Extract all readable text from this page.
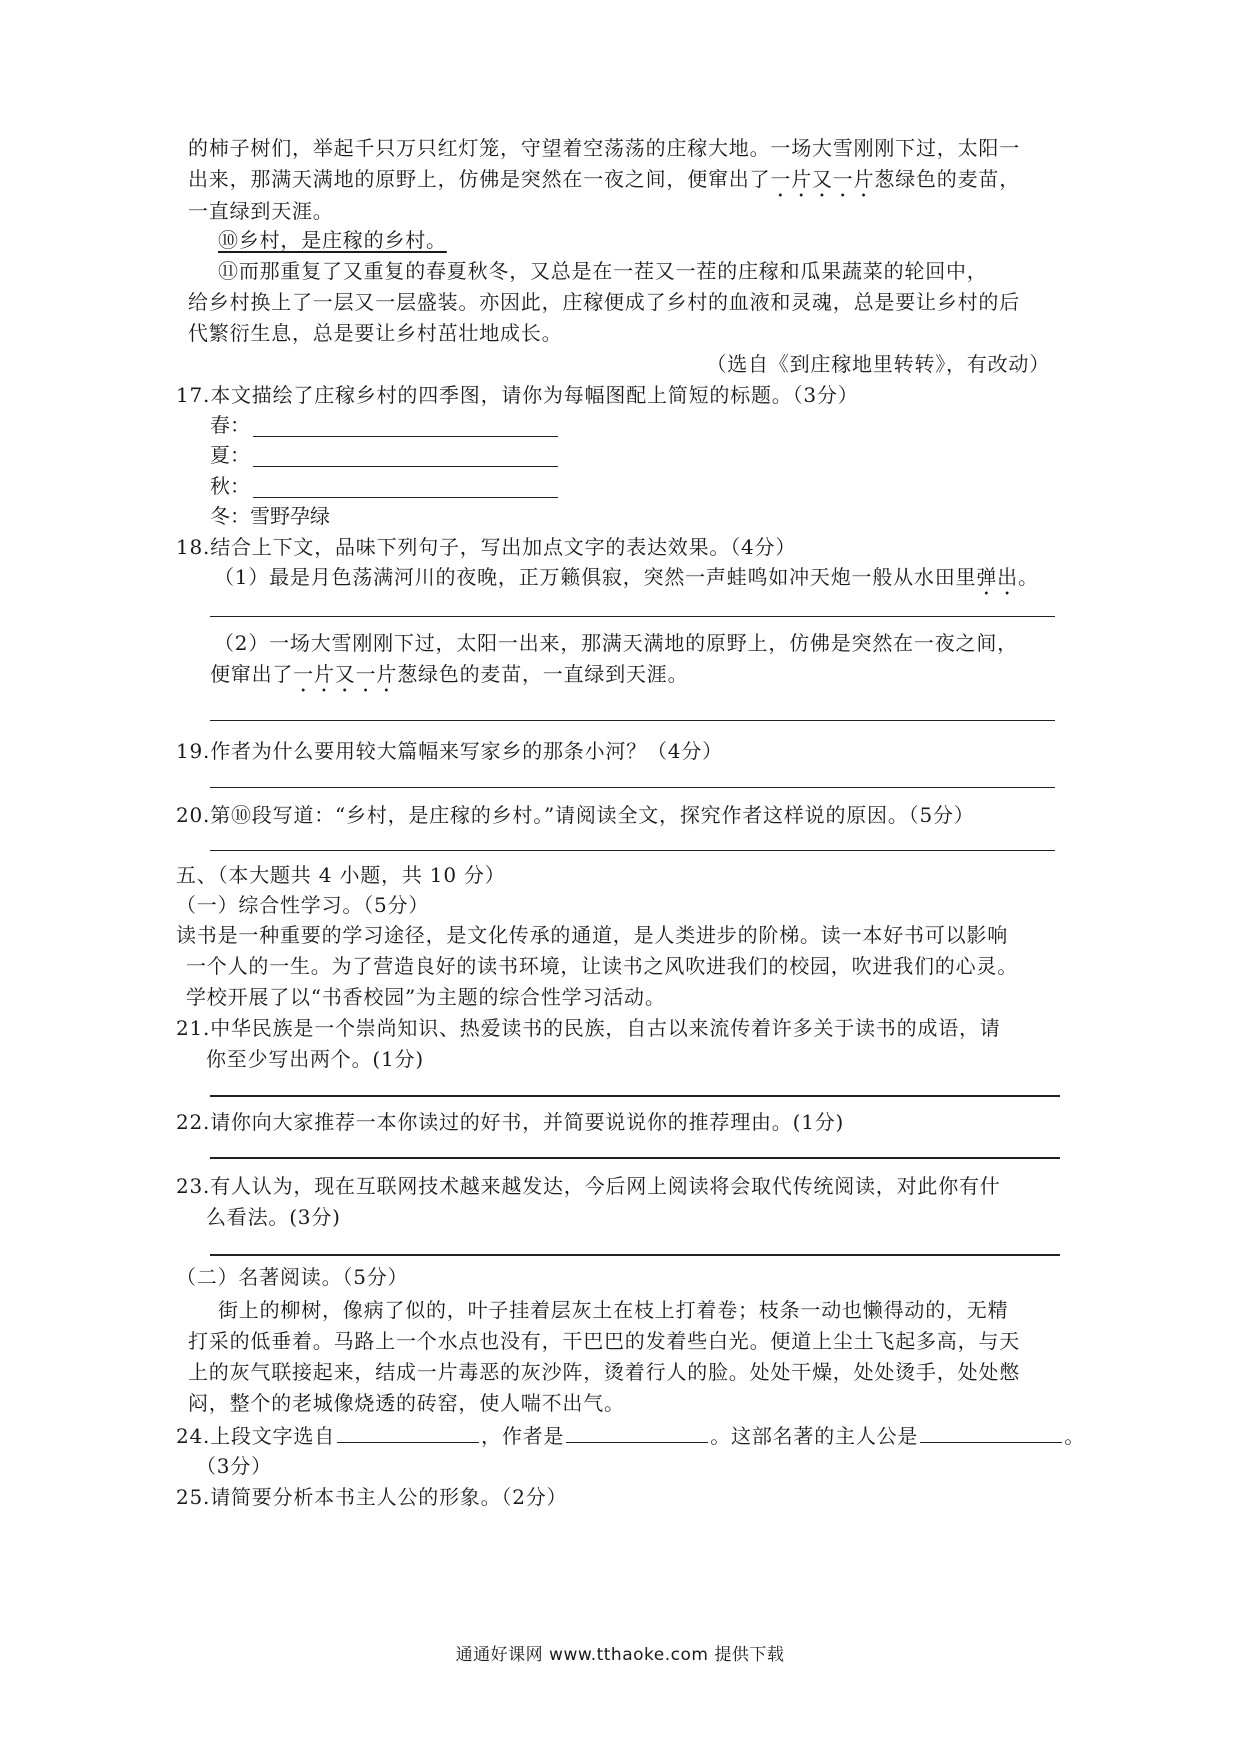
的柿子树们，举起千只万只红灯笼，守望着空荡荡的庄稼大地。一场大雪刚刚下过，太阳一
出来，那满天满地的原野上，仿佛是突然在一夜之间，便窜出了一片又一片葱绿色的麦苗，
一直绿到天涯。
⑩乡村，是庄稼的乡村。
⑪而那重复了又重复的春夏秋冬，又总是在一茬又一茬的庄稼和瓜果蔬菜的轮回中，
给乡村换上了一层又一层盛装。亦因此，庄稼便成了乡村的血液和灵魂，总是要让乡村的后
代繁衍生息，总是要让乡村茁壮地成长。
（选自《到庄稼地里转转》，有改动）
17.本文描绘了庄稼乡村的四季图，请你为每幅图配上简短的标题。（3分）
春：
夏：
秋：
冬：雪野孕绿
18.结合上下文，品味下列句子，写出加点文字的表达效果。（4分）
（1）最是月色荡满河川的夜晚，正万籁俱寂，突然一声蛙鸣如冲天炮一般从水田里弹出。
（2）一场大雪刚刚下过，太阳一出来，那满天满地的原野上，仿佛是突然在一夜之间，
便窜出了一片又一片葱绿色的麦苗，一直绿到天涯。
19.作者为什么要用较大篇幅来写家乡的那条小河？（4分）
20.第⑩段写道：“乡村，是庄稼的乡村。”请阅读全文，探究作者这样说的原因。（5分）
五、（本大题共 4 小题，共 10 分）
（一）综合性学习。（5分）
读书是一种重要的学习途径，是文化传承的通道，是人类进步的阶梯。读一本好书可以影响
一个人的一生。为了营造良好的读书环境，让读书之风吹进我们的校园，吹进我们的心灵。
学校开展了以“书香校园”为主题的综合性学习活动。
21.中华民族是一个崇尚知识、热爱读书的民族，自古以来流传着许多关于读书的成语，请
你至少写出两个。(1分)
22.请你向大家推荐一本你读过的好书，并简要说说你的推荐理由。(1分)
23.有人认为，现在互联网技术越来越发达，今后网上阅读将会取代传统阅读，对此你有什
么看法。(3分)
（二）名著阅读。（5分）
街上的柳树，像病了似的，叶子挂着层灰土在枝上打着卷；枝条一动也懒得动的，无精
打采的低垂着。马路上一个水点也没有，干巴巴的发着些白光。便道上尘土飞起多高，与天
上的灰气联接起来，结成一片毒恶的灰沙阵，烫着行人的脸。处处干燥，处处烫手，处处憋
闷，整个的老城像烧透的砖窑，使人喘不出气。
24.上段文字选自	，作者是	。这部名著的主人公是	。
（3分）
25.请简要分析本书主人公的形象。（2分）
通通好课网 www.tthaoke.com 提供下载
